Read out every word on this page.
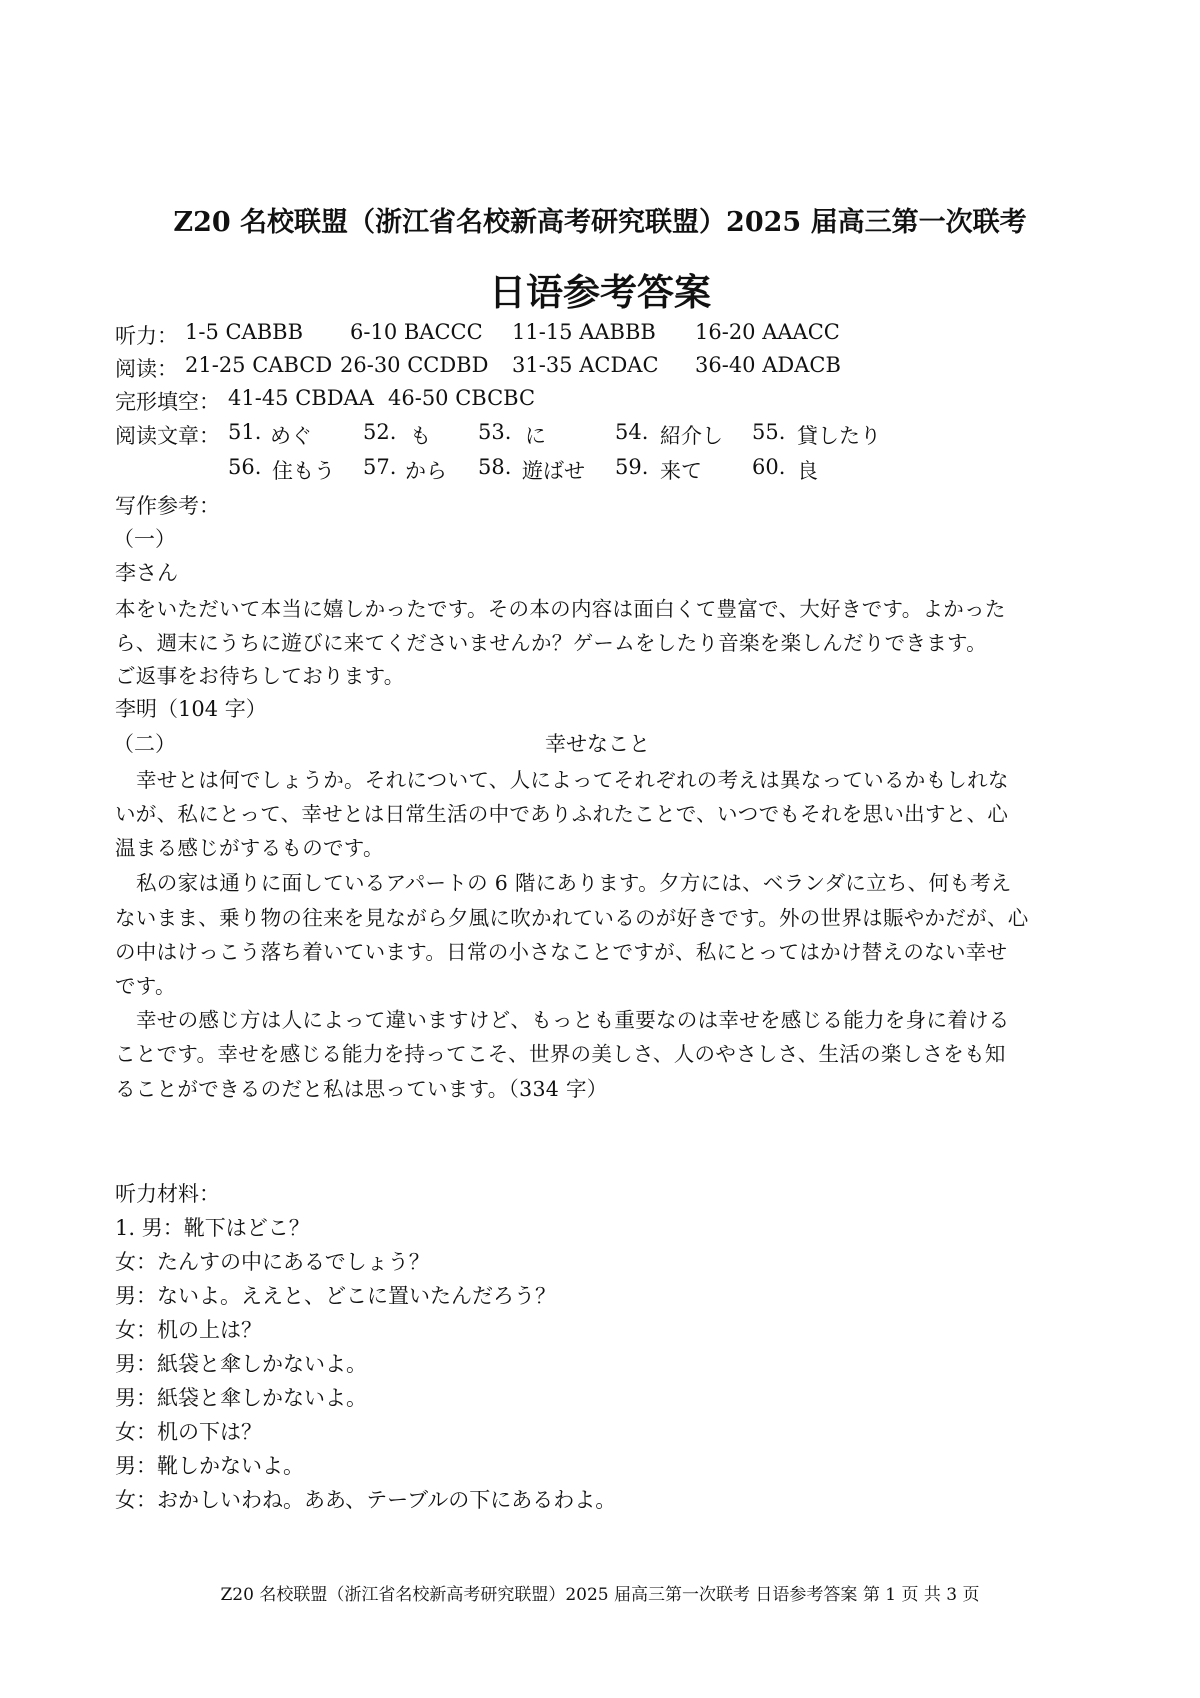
Z20 名校联盟（浙江省名校新高考研究联盟）2025 届高三第一次联考
日语参考答案
听力： 1-5 CABBB 6-10 BACCC 11-15 AABBB 16-20 AAACC
阅读： 21-25 CABCD 26-30 CCDBD 31-35 ACDAC 36-40 ADACB
完形填空： 41-45 CBDAA 46-50 CBCBC
阅读文章： 51. めぐ 52. も 53. に	54. 紹介し 55. 貸したり
56. 住もう 57. から 58. 遊ばせ 59. 来て 60. 良
写作参考：
（一）
李さん
本をいただいて本当に嬉しかったです。その本の内容は面白くて豊富で、大好きです。よかった
ら、週末にうちに遊びに来てくださいませんか？ゲームをしたり音楽を楽しんだりできます。
ご返事をお待ちしております。
李明（104 字）
（二）	幸せなこと
幸せとは何でしょうか。それについて、人によってそれぞれの考えは異なっているかもしれな
いが、私にとって、幸せとは日常生活の中でありふれたことで、いつでもそれを思い出すと、心
温まる感じがするものです。
私の家は通りに面しているアパートの 6 階にあります。夕方には、ベランダに立ち、何も考え
ないまま、乗り物の往来を見ながら夕風に吹かれているのが好きです。外の世界は賑やかだが、心
の中はけっこう落ち着いています。日常の小さなことですが、私にとってはかけ替えのない幸せ
です。
幸せの感じ方は人によって違いますけど、もっとも重要なのは幸せを感じる能力を身に着ける
ことです。幸せを感じる能力を持ってこそ、世界の美しさ、人のやさしさ、生活の楽しさをも知
ることができるのだと私は思っています。（334 字）
听力材料：
1. 男：靴下はどこ？
女：たんすの中にあるでしょう？
男：ないよ。ええと、どこに置いたんだろう？
女：机の上は？
男：紙袋と傘しかないよ。
男：紙袋と傘しかないよ。
女：机の下は？
男：靴しかないよ。
女：おかしいわね。ああ、テーブルの下にあるわよ。
Z20 名校联盟（浙江省名校新高考研究联盟）2025 届高三第一次联考 日语参考答案 第 1 页 共 3 页
